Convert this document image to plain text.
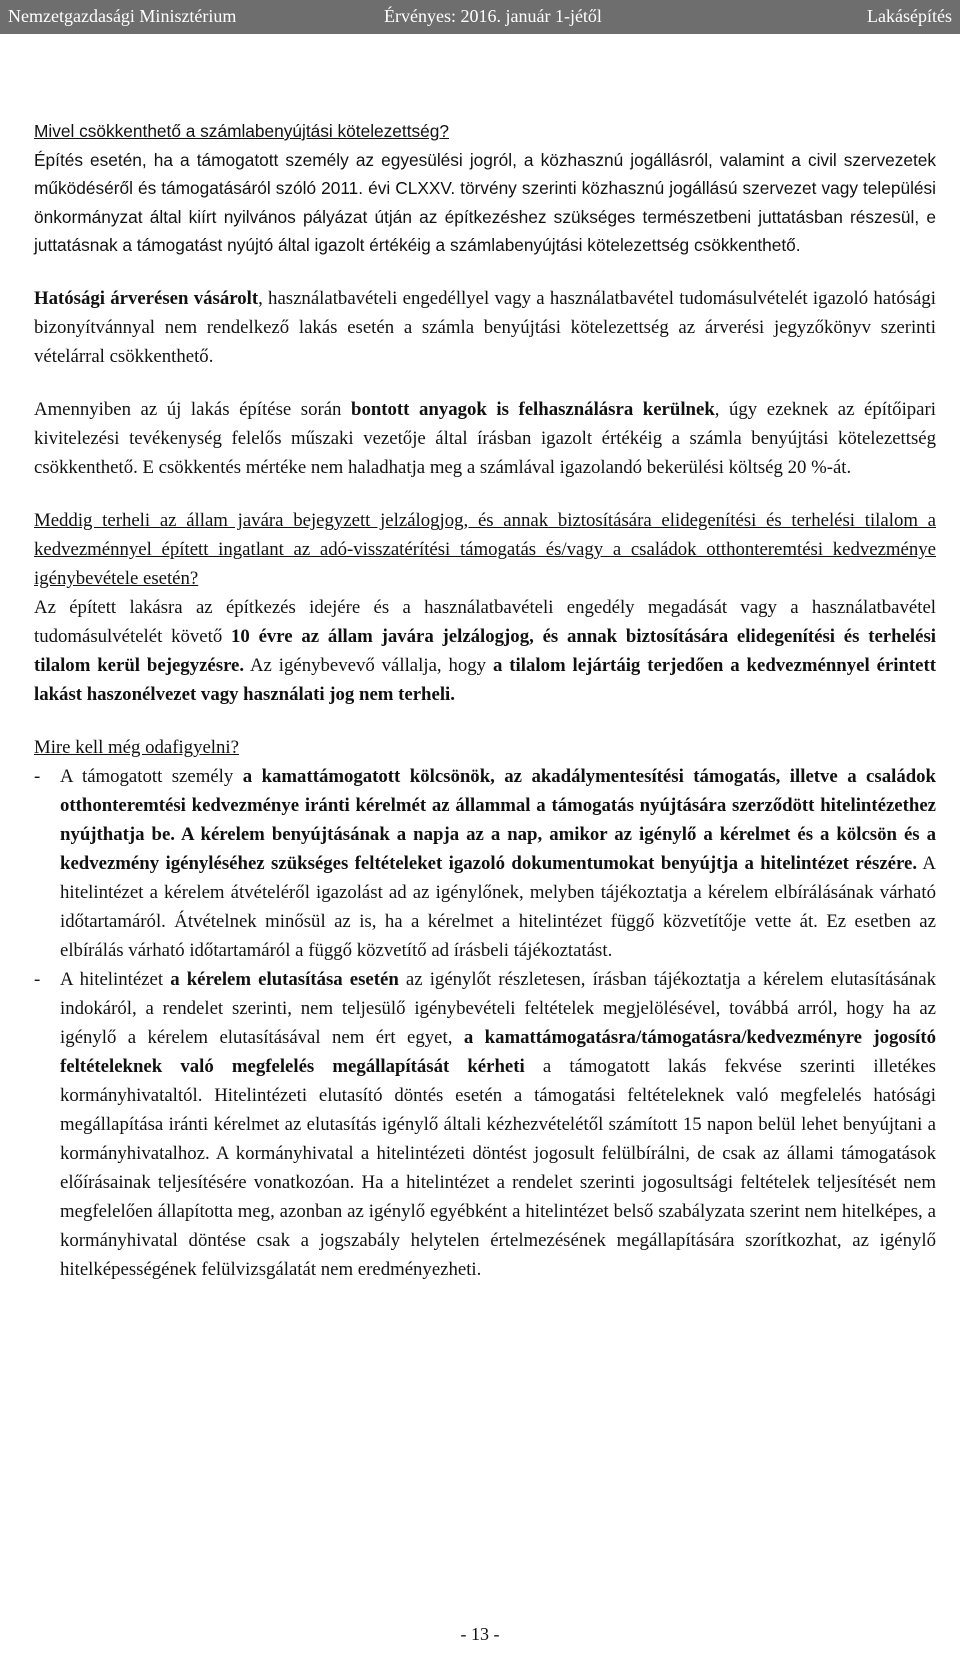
Nemzetgazdasági Minisztérium	Érvényes: 2016. január 1-jétől	Lakásépítés

Mivel csökkenthető a számlabenyújtási kötelezettség?

Építés esetén, ha a támogatott személy az egyesülési jogról, a közhasznú jogállásról, valamint a civil szervezetek működéséről és támogatásáról szóló 2011. évi CLXXV. törvény szerinti közhasznú jogállású szervezet vagy települési önkormányzat által kiírt nyilvános pályázat útján az építkezéshez szükséges természetbeni juttatásban részesül, e juttatásnak a támogatást nyújtó által igazolt értékéig a számlabenyújtási kötelezettség csökkenthető.

Hatósági árverésen vásárolt, használatbavételi engedéllyel vagy a használatbavétel tudomásulvételét igazoló hatósági bizonyítvánnyal nem rendelkező lakás esetén a számla benyújtási kötelezettség az árverési jegyzőkönyv szerinti vételárral csökkenthető.

Amennyiben az új lakás építése során bontott anyagok is felhasználásra kerülnek, úgy ezeknek az építőipari kivitelezési tevékenység felelős műszaki vezetője által írásban igazolt értékéig a számla benyújtási kötelezettség csökkenthető. E csökkentés mértéke nem haladhatja meg a számlával igazolandó bekerülési költség 20 %-át.

Meddig terheli az állam javára bejegyzett jelzálogjog, és annak biztosítására elidegenítési és terhelési tilalom a kedvezménnyel épített ingatlant az adó-visszatérítési támogatás és/vagy a családok otthonteremtési kedvezménye igénybevétele esetén?

Az épített lakásra az építkezés idejére és a használatbavételi engedély megadását vagy a használatbavétel tudomásulvételét követő 10 évre az állam javára jelzálogjog, és annak biztosítására elidegenítési és terhelési tilalom kerül bejegyzésre. Az igénybevevő vállalja, hogy a tilalom lejártáig terjedően a kedvezménnyel érintett lakást haszonélvezet vagy használati jog nem terheli.

Mire kell még odafigyelni?

- A támogatott személy a kamattámogatott kölcsönök, az akadálymentesítési támogatás, illetve a családok otthonteremtési kedvezménye iránti kérelmét az állammal a támogatás nyújtására szerződött hitelintézethez nyújthatja be. A kérelem benyújtásának a napja az a nap, amikor az igénylő a kérelmet és a kölcsön és a kedvezmény igényléséhez szükséges feltételeket igazoló dokumentumokat benyújtja a hitelintézet részére. A hitelintézet a kérelem átvételéről igazolást ad az igénylőnek, melyben tájékoztatja a kérelem elbírálásának várható időtartamáról. Átvételnek minősül az is, ha a kérelmet a hitelintézet függő közvetítője vette át. Ez esetben az elbírálás várható időtartamáról a függő közvetítő ad írásbeli tájékoztatást.
- A hitelintézet a kérelem elutasítása esetén az igénylőt részletesen, írásban tájékoztatja a kérelem elutasításának indokáról, a rendelet szerinti, nem teljesülő igénybevételi feltételek megjelölésével, továbbá arról, hogy ha az igénylő a kérelem elutasításával nem ért egyet, a kamattámogatásra/támogatásra/kedvezményre jogosító feltételeknek való megfelelés megállapítását kérheti a támogatott lakás fekvése szerinti illetékes kormányhivataltól. Hitelintézeti elutasító döntés esetén a támogatási feltételeknek való megfelelés hatósági megállapítása iránti kérelmet az elutasítás igénylő általi kézhezvételétől számított 15 napon belül lehet benyújtani a kormányhivatalhoz. A kormányhivatal a hitelintézeti döntést jogosult felülbírálni, de csak az állami támogatások előírásainak teljesítésére vonatkozóan. Ha a hitelintézet a rendelet szerinti jogosultsági feltételek teljesítését nem megfelelően állapította meg, azonban az igénylő egyébként a hitelintézet belső szabályzata szerint nem hitelképes, a kormányhivatal döntése csak a jogszabály helytelen értelmezésének megállapítására szorítkozhat, az igénylő hitelképességének felülvizsgálatát nem eredményezheti.
- 13 -
